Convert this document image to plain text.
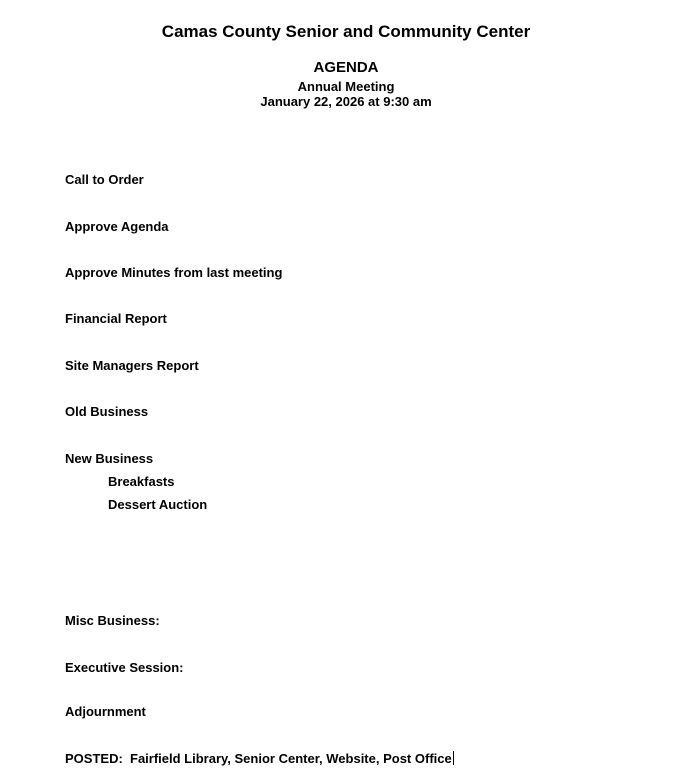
Camas County Senior and Community Center
AGENDA
Annual Meeting
January 22, 2026 at 9:30 am
Call to Order
Approve Agenda
Approve Minutes from last meeting
Financial Report
Site Managers Report
Old Business
New Business
Breakfasts
Dessert Auction
Misc Business:
Executive Session:
Adjournment
POSTED:  Fairfield Library, Senior Center, Website, Post Office
